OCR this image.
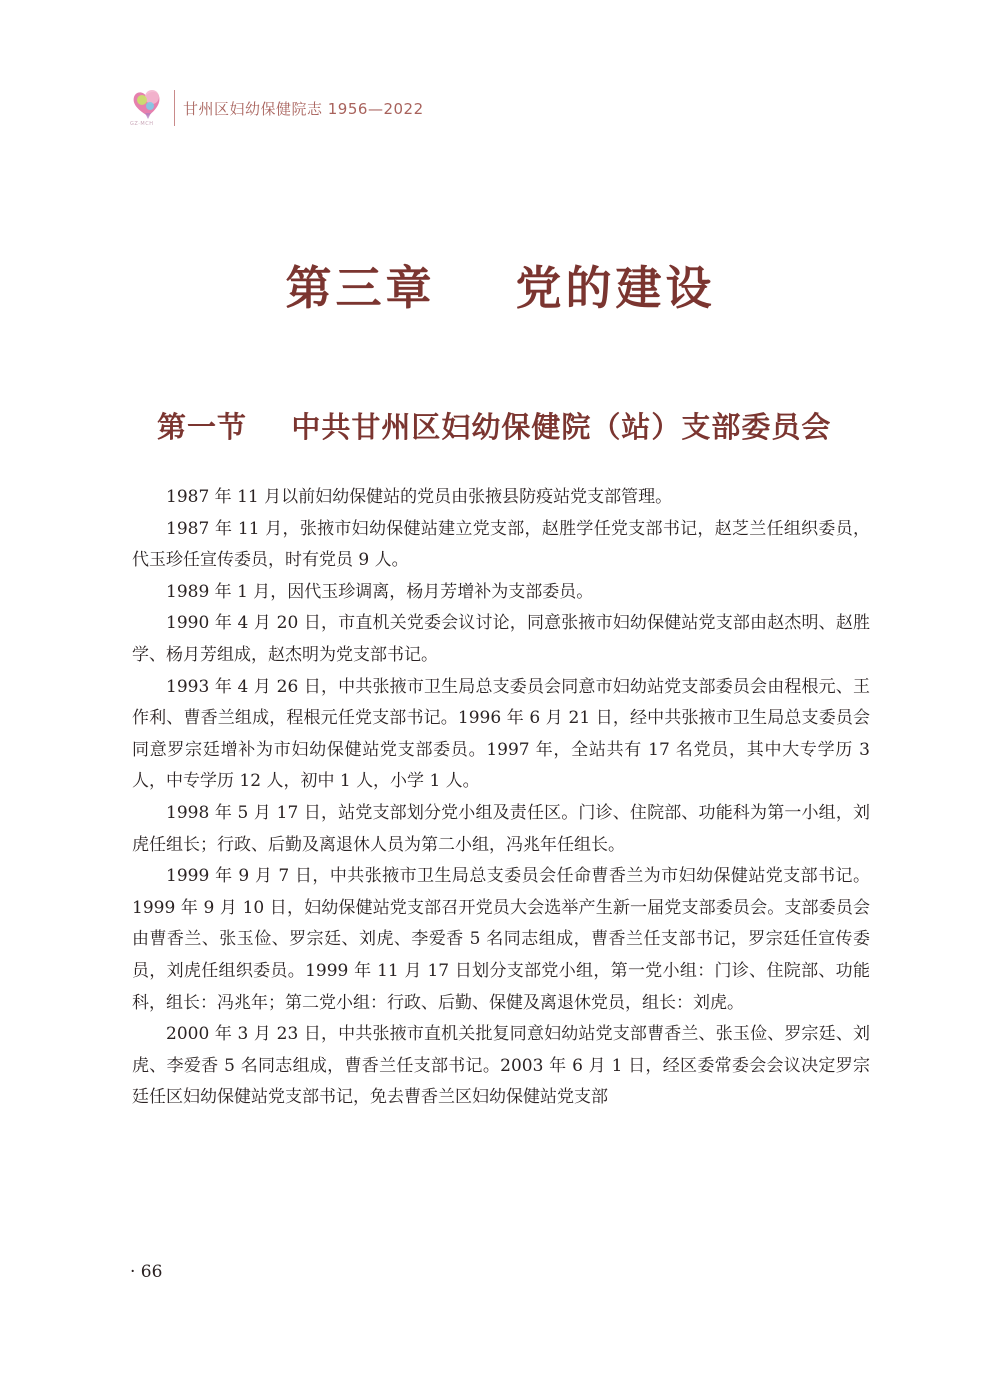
GZ·MCH
甘州区妇幼保健院志 1956—2022
第三章    党的建设
第一节    中共甘州区妇幼保健院（站）支部委员会

1987 年 11 月以前妇幼保健站的党员由张掖县防疫站党支部管理。

1987 年 11 月，张掖市妇幼保健站建立党支部，赵胜学任党支部书记，赵芝兰任组织委员，代玉珍任宣传委员，时有党员 9 人。

1989 年 1 月，因代玉珍调离，杨月芳增补为支部委员。

1990 年 4 月 20 日，市直机关党委会议讨论，同意张掖市妇幼保健站党支部由赵杰明、赵胜学、杨月芳组成，赵杰明为党支部书记。

1993 年 4 月 26 日，中共张掖市卫生局总支委员会同意市妇幼站党支部委员会由程根元、王作利、曹香兰组成，程根元任党支部书记。1996 年 6 月 21 日，经中共张掖市卫生局总支委员会同意罗宗廷增补为市妇幼保健站党支部委员。1997 年，全站共有 17 名党员，其中大专学历 3 人，中专学历 12 人，初中 1 人，小学 1 人。

1998 年 5 月 17 日，站党支部划分党小组及责任区。门诊、住院部、功能科为第一小组，刘虎任组长；行政、后勤及离退休人员为第二小组，冯兆年任组长。

1999 年 9 月 7 日，中共张掖市卫生局总支委员会任命曹香兰为市妇幼保健站党支部书记。1999 年 9 月 10 日，妇幼保健站党支部召开党员大会选举产生新一届党支部委员会。支部委员会由曹香兰、张玉俭、罗宗廷、刘虎、李爱香 5 名同志组成，曹香兰任支部书记，罗宗廷任宣传委员，刘虎任组织委员。1999 年 11 月 17 日划分支部党小组，第一党小组：门诊、住院部、功能科，组长：冯兆年；第二党小组：行政、后勤、保健及离退休党员，组长：刘虎。

2000 年 3 月 23 日，中共张掖市直机关批复同意妇幼站党支部曹香兰、张玉俭、罗宗廷、刘虎、李爱香 5 名同志组成，曹香兰任支部书记。2003 年 6 月 1 日，经区委常委会会议决定罗宗廷任区妇幼保健站党支部书记，免去曹香兰区妇幼保健站党支部

· 66
